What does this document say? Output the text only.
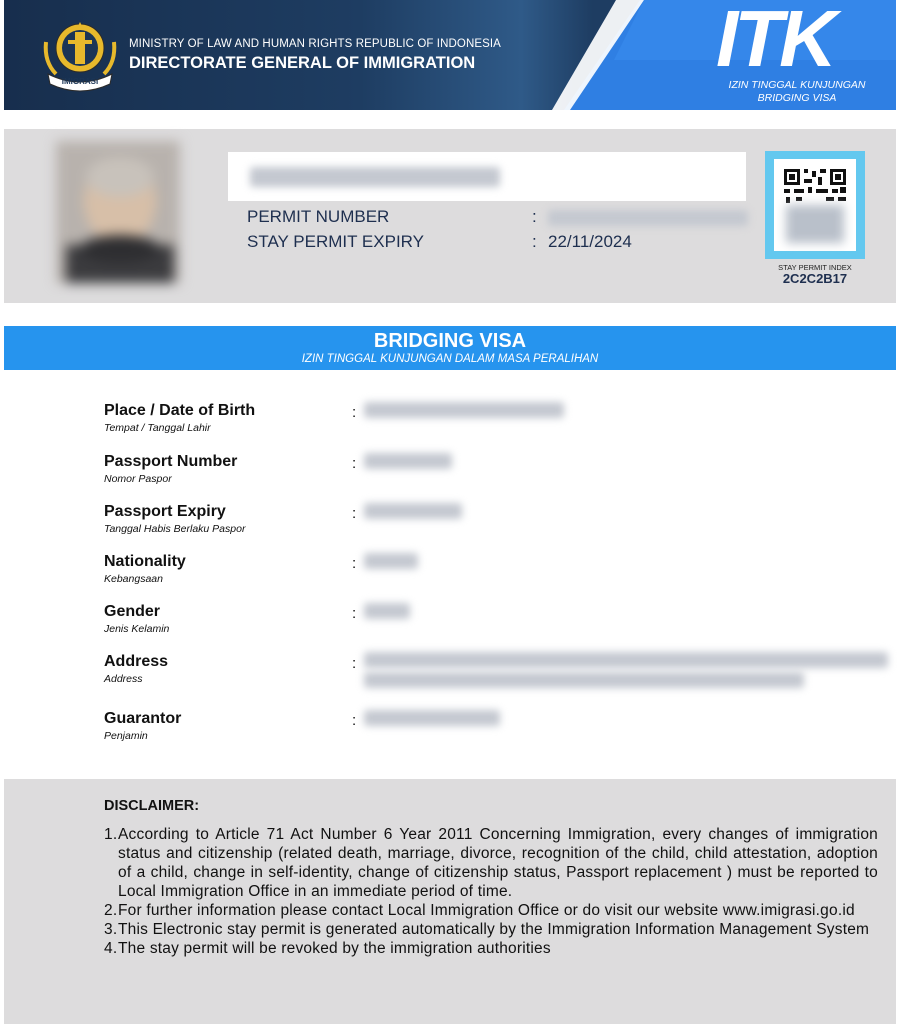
IMIGRASI
MINISTRY OF LAW AND HUMAN RIGHTS REPUBLIC OF INDONESIA
DIRECTORATE GENERAL OF IMMIGRATION	ITK
IZIN TINGGAL KUNJUNGAN
BRIDGING VISA
PERMIT NUMBER	:
STAY PERMIT EXPIRY	: 22/11/2024
STAY PERMIT INDEX
2C2C2B17
BRIDGING VISA
IZIN TINGGAL KUNJUNGAN DALAM MASA PERALIHAN
Place / Date of Birth
Tempat / Tanggal Lahir
:
Passport Number
Nomor Paspor
:
Passport Expiry
Tanggal Habis Berlaku Paspor
:
Nationality
Kebangsaan
:
Gender
Jenis Kelamin
:
Address
Address
:
Guarantor
Penjamin
:
DISCLAIMER:
1. According to Article 71 Act Number 6 Year 2011 Concerning Immigration, every changes of immigration status and citizenship (related death, marriage, divorce, recognition of the child, child attestation, adoption of a child, change in self-identity, change of citizenship status, Passport replacement ) must be reported to Local Immigration Office in an immediate period of time.
2. For further information please contact Local Immigration Office or do visit our website www.imigrasi.go.id
3. This Electronic stay permit is generated automatically by the Immigration Information Management System
4. The stay permit will be revoked by the immigration authorities
